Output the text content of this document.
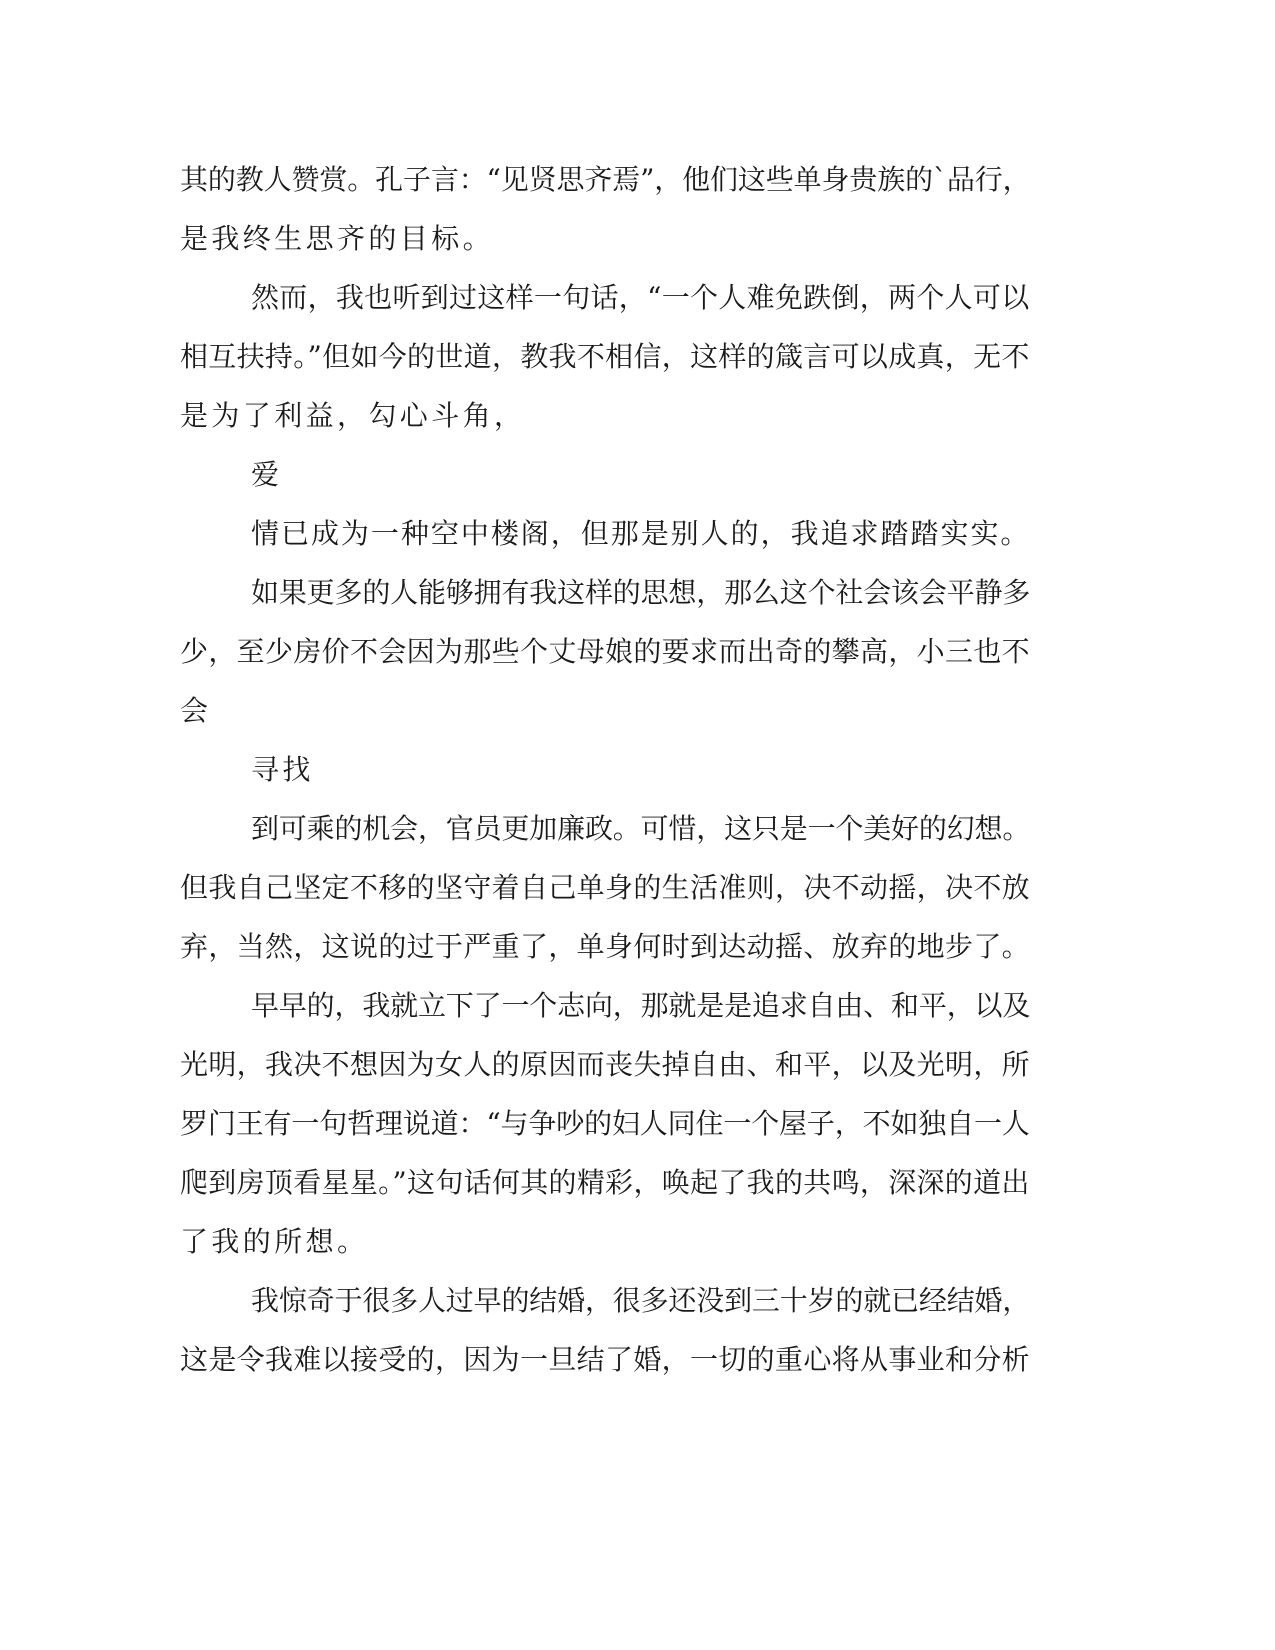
其的教人赞赏。孔子言：“见贤思齐焉”，他们这些单身贵族的`品行，
是我终生思齐的目标。
然而，我也听到过这样一句话，“一个人难免跌倒，两个人可以
相互扶持。”但如今的世道，教我不相信，这样的箴言可以成真，无不
是为了利益，勾心斗角，
爱
情已成为一种空中楼阁，但那是别人的，我追求踏踏实实。
如果更多的人能够拥有我这样的思想，那么这个社会该会平静多
少，至少房价不会因为那些个丈母娘的要求而出奇的攀高，小三也不
会
寻找
到可乘的机会，官员更加廉政。可惜，这只是一个美好的幻想。
但我自己坚定不移的坚守着自己单身的生活准则，决不动摇，决不放
弃，当然，这说的过于严重了，单身何时到达动摇、放弃的地步了。
早早的，我就立下了一个志向，那就是是追求自由、和平，以及
光明，我决不想因为女人的原因而丧失掉自由、和平，以及光明，所
罗门王有一句哲理说道：“与争吵的妇人同住一个屋子，不如独自一人
爬到房顶看星星。”这句话何其的精彩，唤起了我的共鸣，深深的道出
了我的所想。
我惊奇于很多人过早的结婚，很多还没到三十岁的就已经结婚，
这是令我难以接受的，因为一旦结了婚，一切的重心将从事业和分析
